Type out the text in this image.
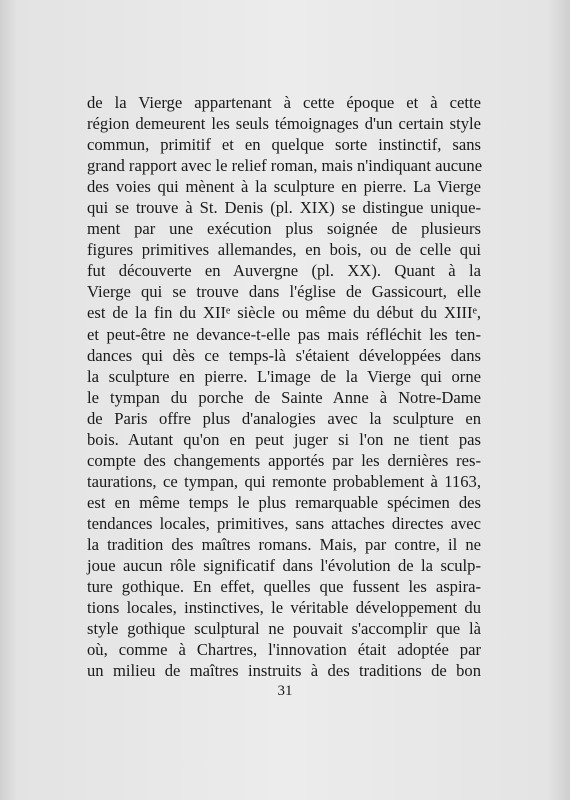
de la Vierge appartenant à cette époque et à cette
région demeurent les seuls témoignages d'un certain style
commun, primitif et en quelque sorte instinctif, sans
grand rapport avec le relief roman, mais n'indiquant aucune
des voies qui mènent à la sculpture en pierre. La Vierge
qui se trouve à St. Denis (pl. XIX) se distingue unique-
ment par une exécution plus soignée de plusieurs
figures primitives allemandes, en bois, ou de celle qui
fut découverte en Auvergne (pl. XX). Quant à la
Vierge qui se trouve dans l'église de Gassicourt, elle
est de la fin du XIIᵉ siècle ou même du début du XIIIᵉ,
et peut-être ne devance-t-elle pas mais réfléchit les ten-
dances qui dès ce temps-là s'étaient développées dans
la sculpture en pierre. L'image de la Vierge qui orne
le tympan du porche de Sainte Anne à Notre-Dame
de Paris offre plus d'analogies avec la sculpture en
bois. Autant qu'on en peut juger si l'on ne tient pas
compte des changements apportés par les dernières res-
taurations, ce tympan, qui remonte probablement à 1163,
est en même temps le plus remarquable spécimen des
tendances locales, primitives, sans attaches directes avec
la tradition des maîtres romans. Mais, par contre, il ne
joue aucun rôle significatif dans l'évolution de la sculp-
ture gothique. En effet, quelles que fussent les aspira-
tions locales, instinctives, le véritable développement du
style gothique sculptural ne pouvait s'accomplir que là
où, comme à Chartres, l'innovation était adoptée par
un milieu de maîtres instruits à des traditions de bon
31
